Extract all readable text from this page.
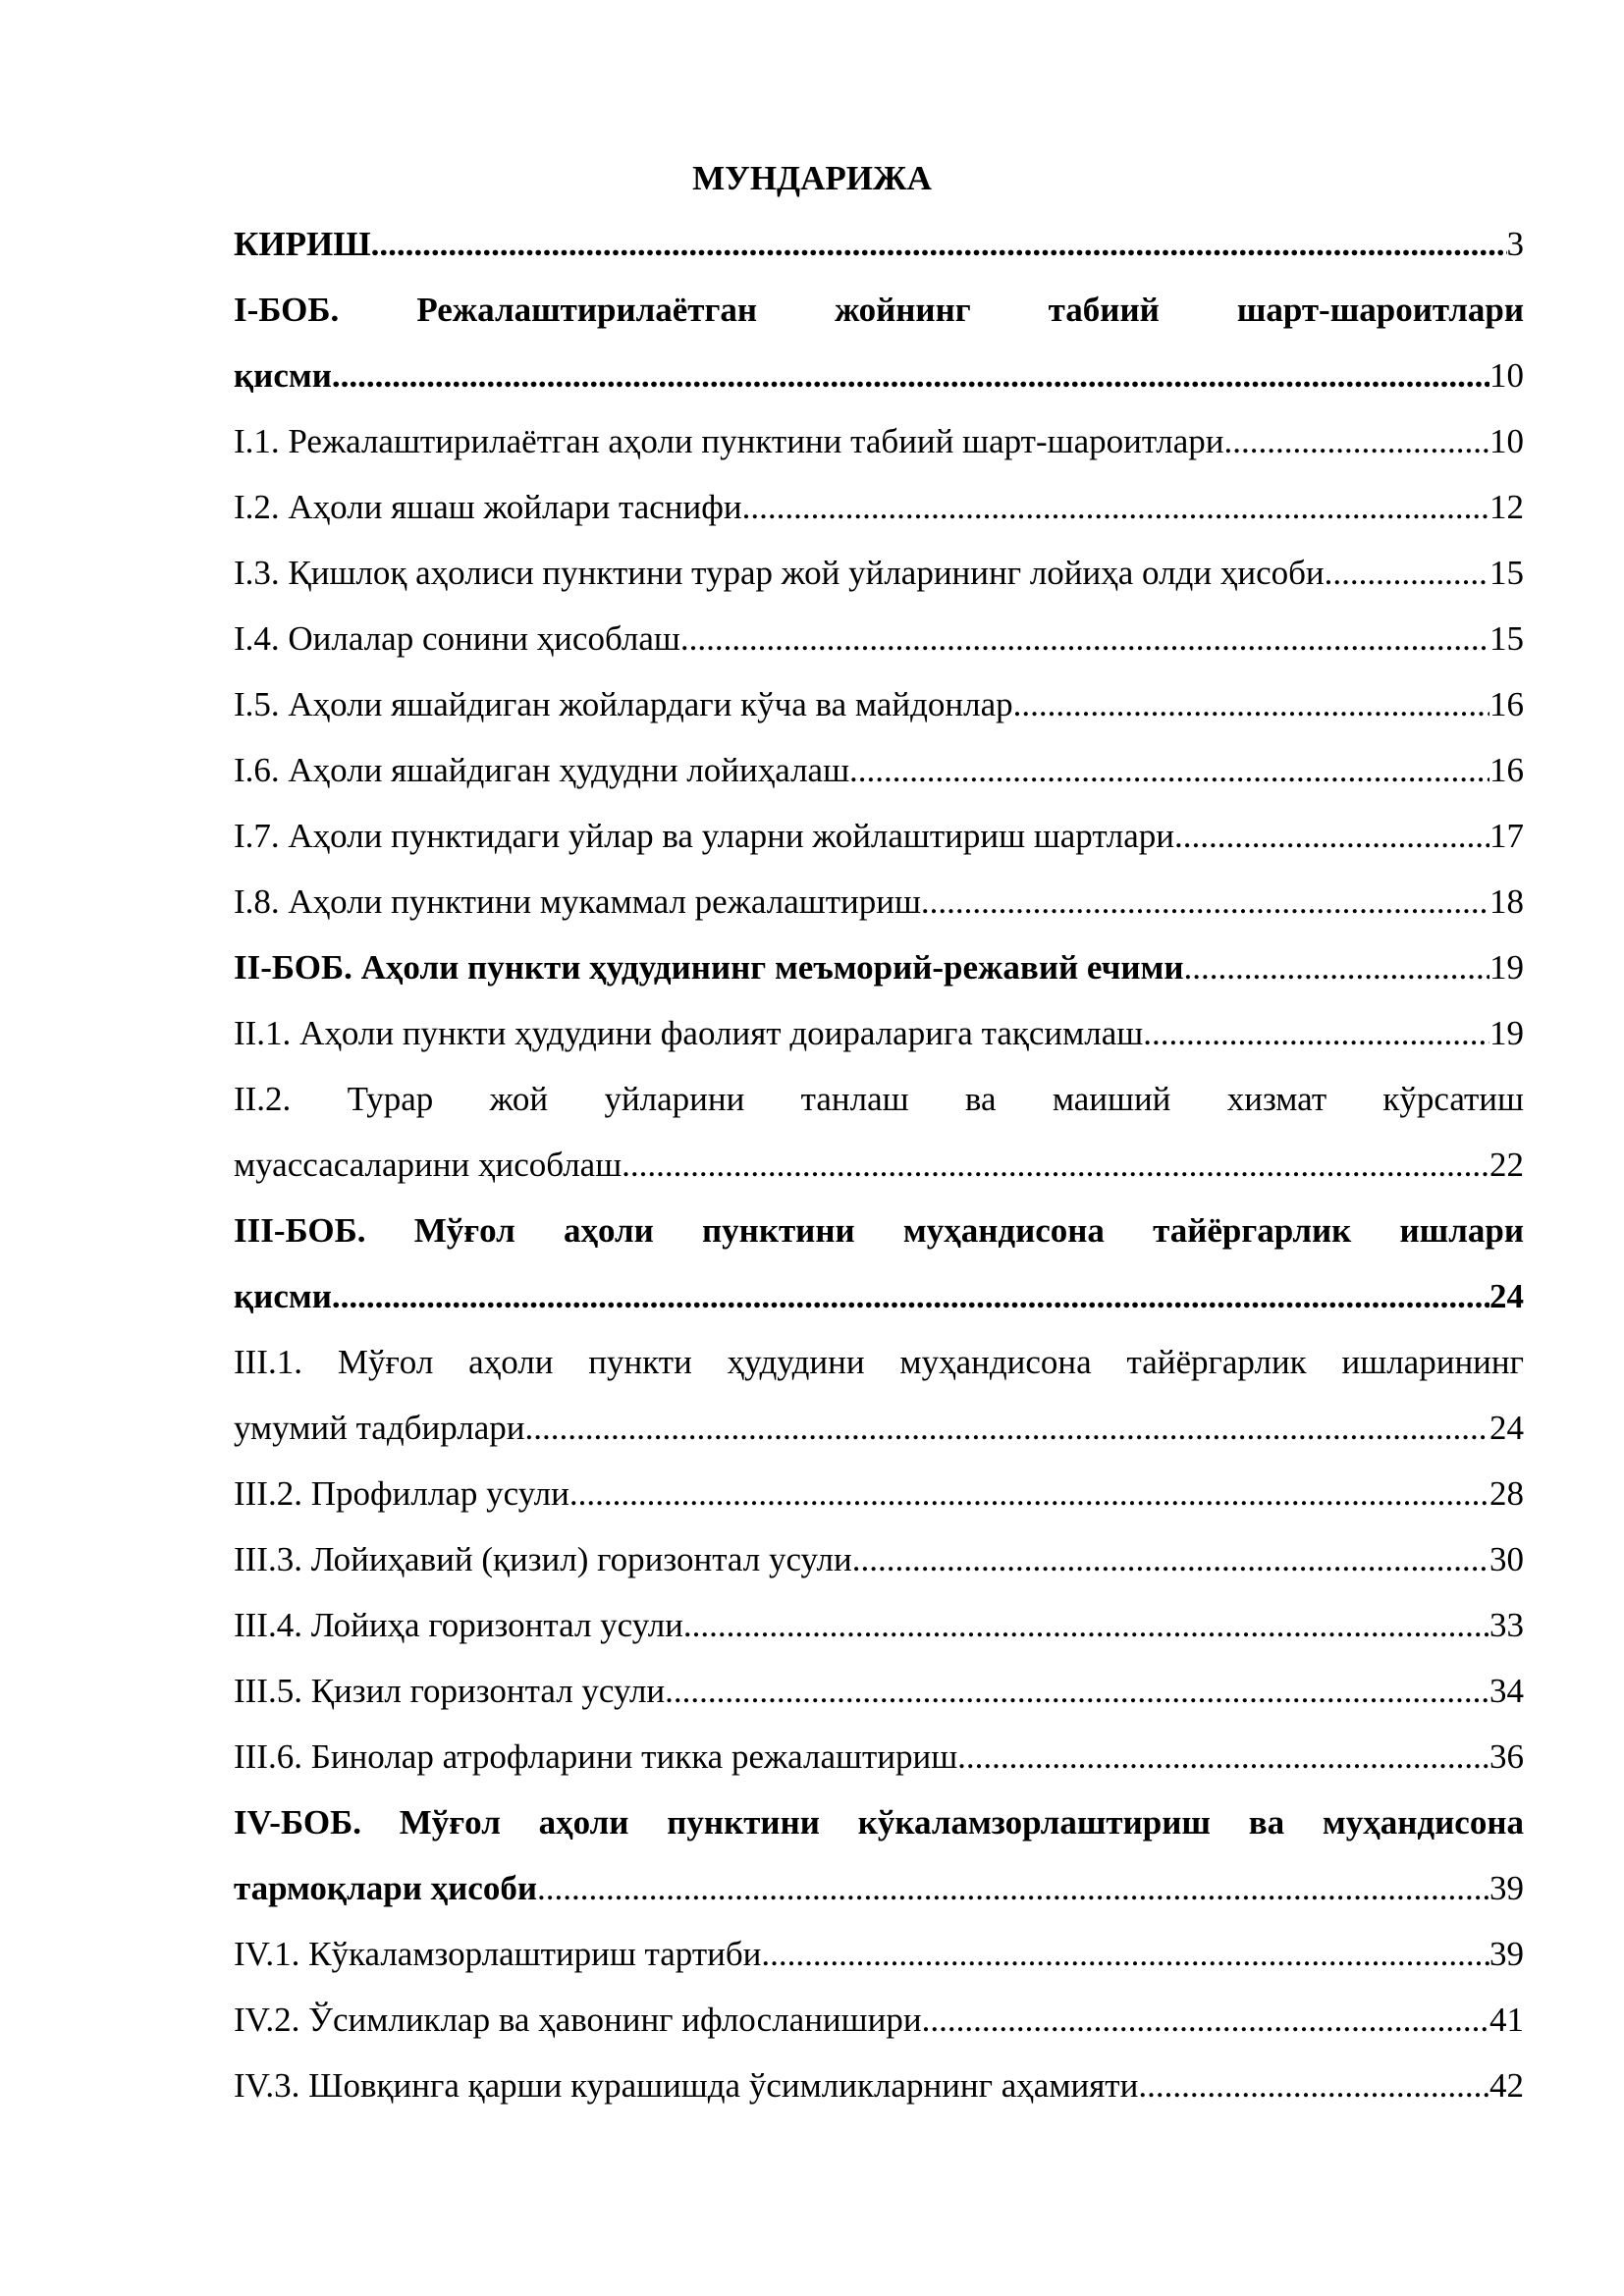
МУНДАРИЖА
КИРИШ .....	3
I-БОБ. Режалаштирилаётган жойнинг табиий шарт-шароитлари
қисми .....	10
I.1. Режалаштирилаётган аҳоли пунктини табиий шарт-шароитлари .....	10
I.2. Аҳоли яшаш жойлари таснифи .....	12
I.3. Қишлоқ аҳолиси пунктини турар жой уйларининг лойиҳа олди ҳисоби .....	15
I.4. Оилалар сонини ҳисоблаш .....	15
I.5. Аҳоли яшайдиган жойлардаги кўча ва майдонлар .....	16
I.6. Аҳоли яшайдиган ҳудудни лойиҳалаш .....	16
I.7. Аҳоли пунктидаги уйлар ва уларни жойлаштириш шартлари .....	17
I.8. Аҳоли пунктини мукаммал режалаштириш .....	18
II-БОБ. Аҳоли пункти ҳудудининг меъморий-режавий ечими .....	19
II.1. Аҳоли пункти ҳудудини фаолият доираларига тақсимлаш .....	19
II.2. Турар жой уйларини танлаш ва маиший хизмат кўрсатиш
муассасаларини ҳисоблаш .....	22
III-БОБ. Мўғол аҳоли пунктини муҳандисона тайёргарлик ишлари
қисми .....	24
III.1. Мўғол аҳоли пункти ҳудудини муҳандисона тайёргарлик ишларининг
умумий тадбирлари .....	24
III.2. Профиллар усули .....	28
III.3. Лойиҳавий (қизил) горизонтал усули .....	30
III.4. Лойиҳа горизонтал усули .....	33
III.5. Қизил горизонтал усули .....	34
III.6. Бинолар атрофларини тикка режалаштириш .....	36
IV-БОБ. Мўғол аҳоли пунктини кўкаламзорлаштириш ва муҳандисона
тармоқлари ҳисоби .....	39
IV.1. Кўкаламзорлаштириш тартиби .....	39
IV.2. Ўсимликлар ва ҳавонинг ифлосланишири .....	41
IV.3. Шовқинга қарши курашишда ўсимликларнинг аҳамияти .....	42
